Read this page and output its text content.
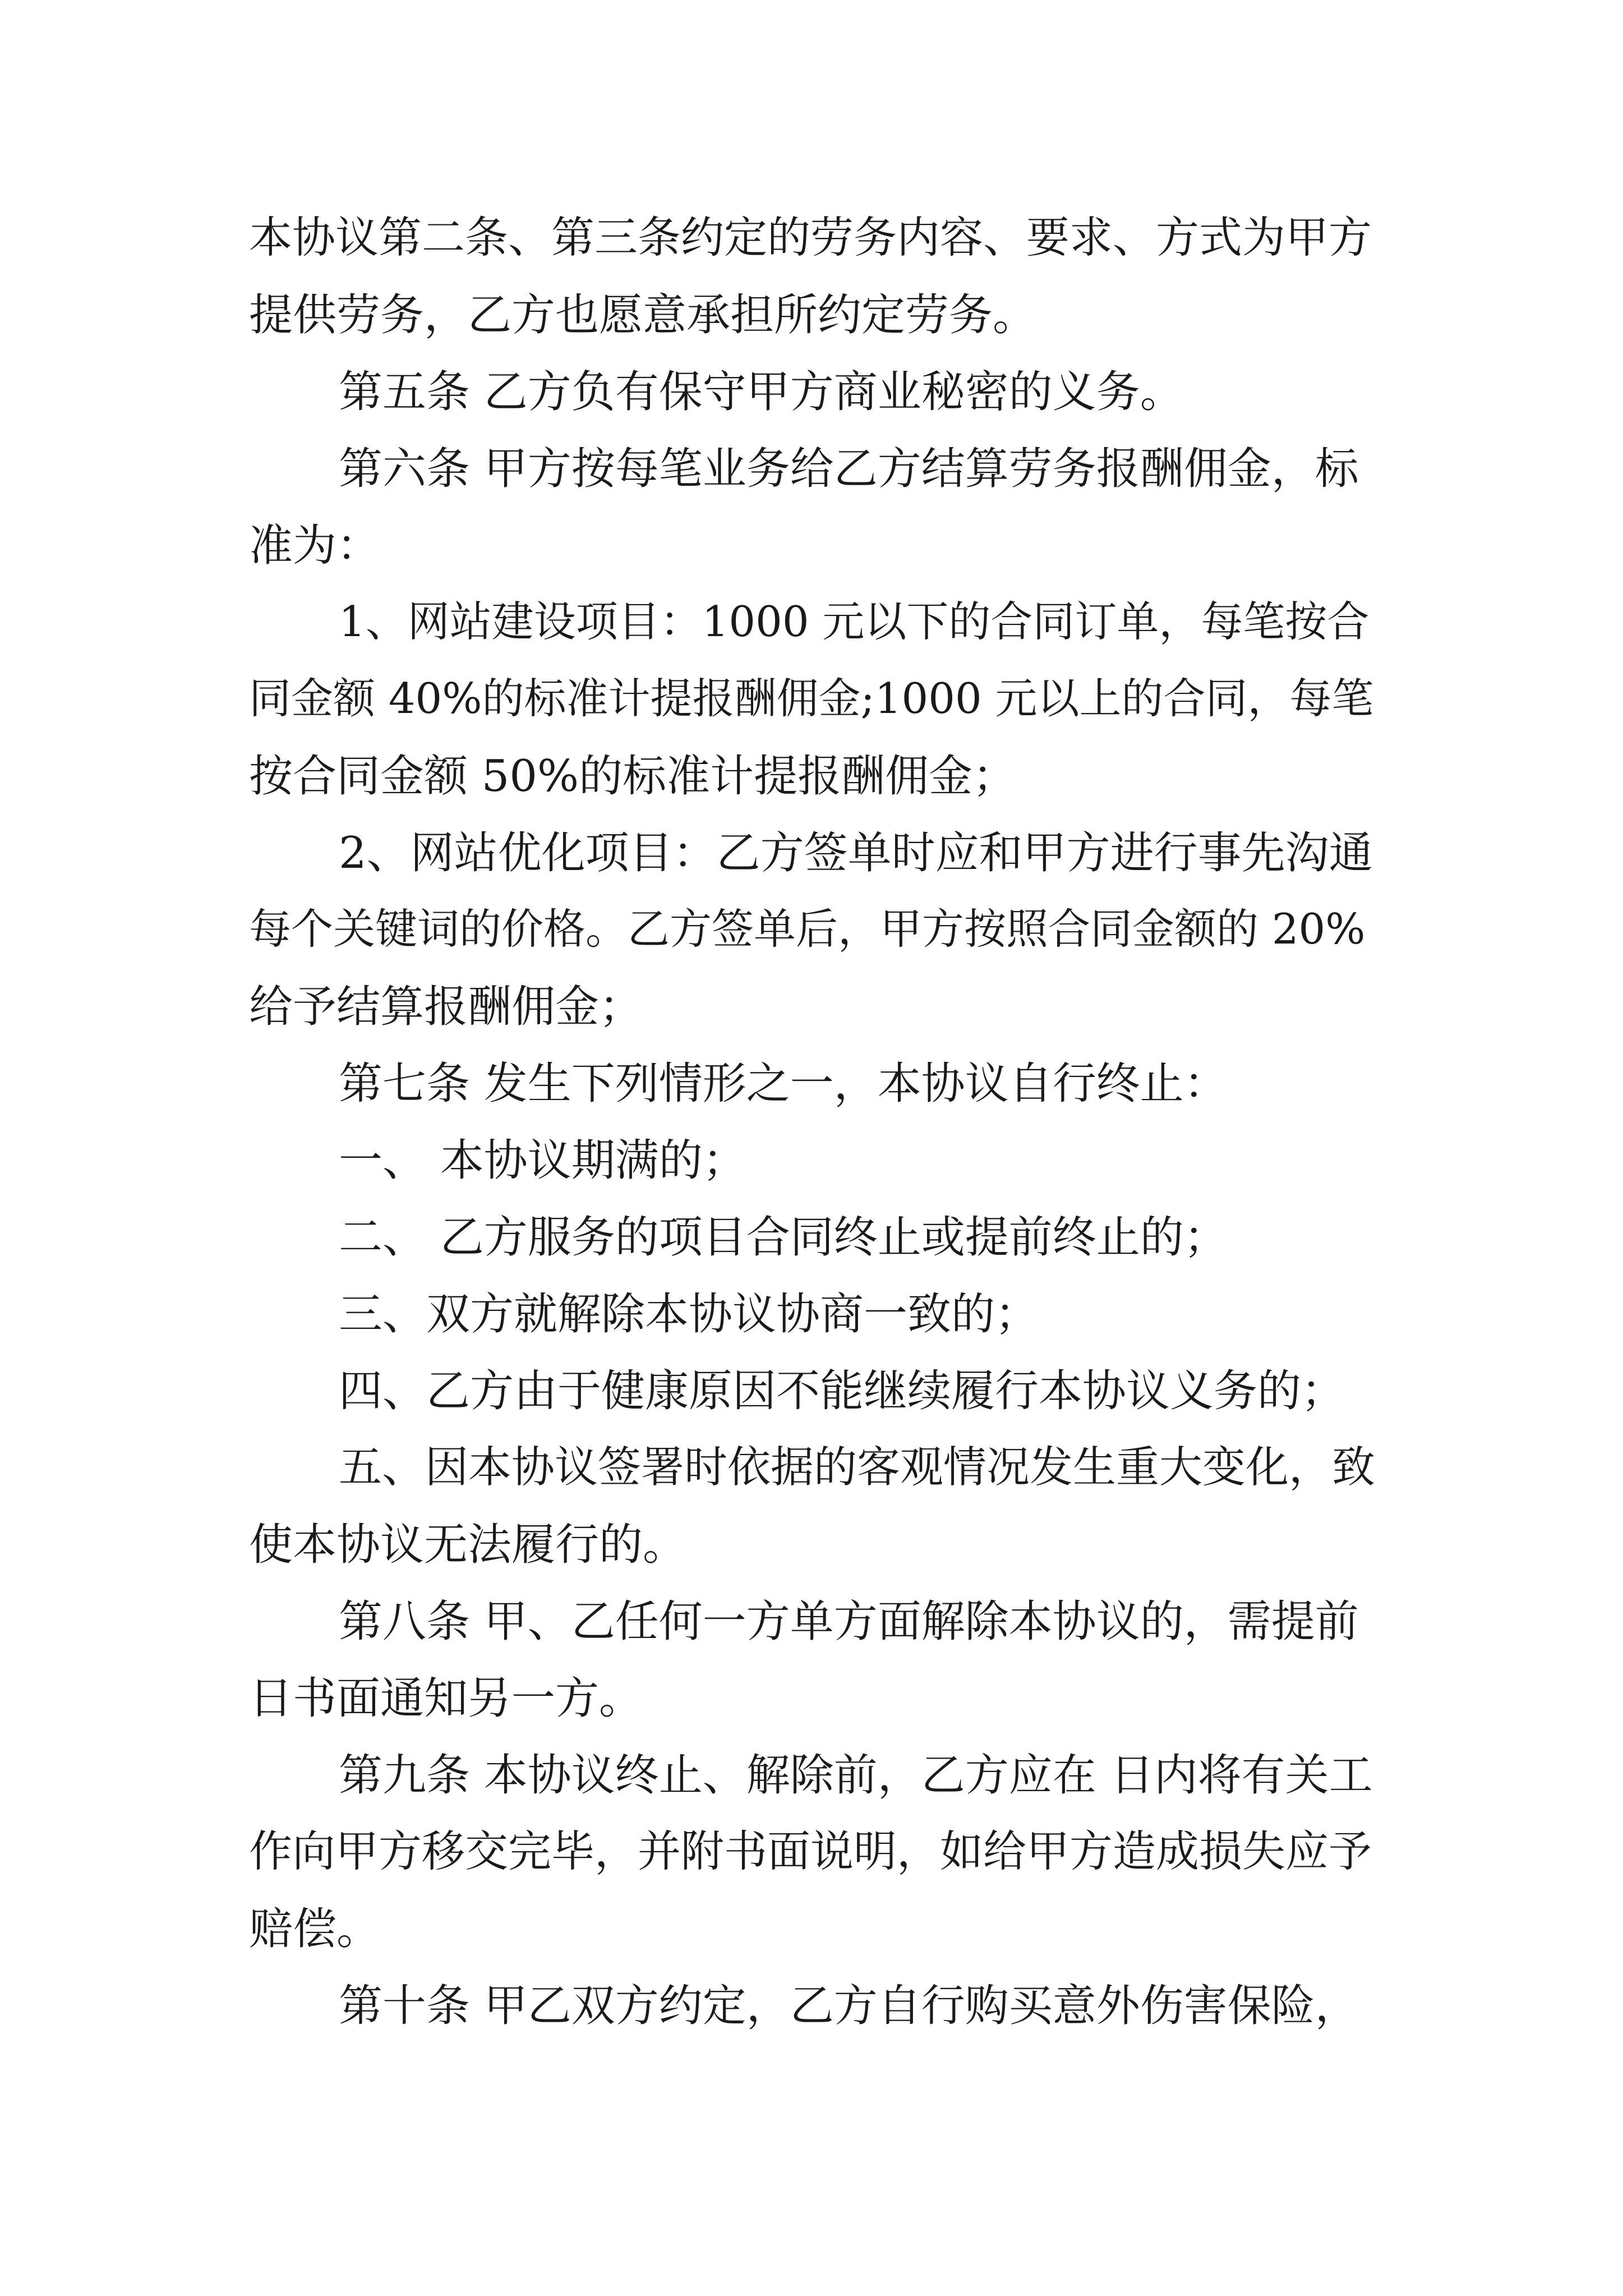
本协议第二条、第三条约定的劳务内容、要求、方式为甲方

提供劳务，乙方也愿意承担所约定劳务。

第五条 乙方负有保守甲方商业秘密的义务。

第六条 甲方按每笔业务给乙方结算劳务报酬佣金，标

准为：

1、网站建设项目：1000 元以下的合同订单，每笔按合

同金额 40%的标准计提报酬佣金;1000 元以上的合同，每笔

按合同金额 50%的标准计提报酬佣金；

2、网站优化项目：乙方签单时应和甲方进行事先沟通

每个关键词的价格。乙方签单后，甲方按照合同金额的 20%

给予结算报酬佣金；

第七条 发生下列情形之一，本协议自行终止：

一、 本协议期满的；

二、 乙方服务的项目合同终止或提前终止的；

三、双方就解除本协议协商一致的；

四、乙方由于健康原因不能继续履行本协议义务的；

五、因本协议签署时依据的客观情况发生重大变化，致

使本协议无法履行的。

第八条 甲、乙任何一方单方面解除本协议的，需提前

日书面通知另一方。

第九条 本协议终止、解除前，乙方应在 日内将有关工

作向甲方移交完毕，并附书面说明，如给甲方造成损失应予

赔偿。

第十条 甲乙双方约定，乙方自行购买意外伤害保险，
